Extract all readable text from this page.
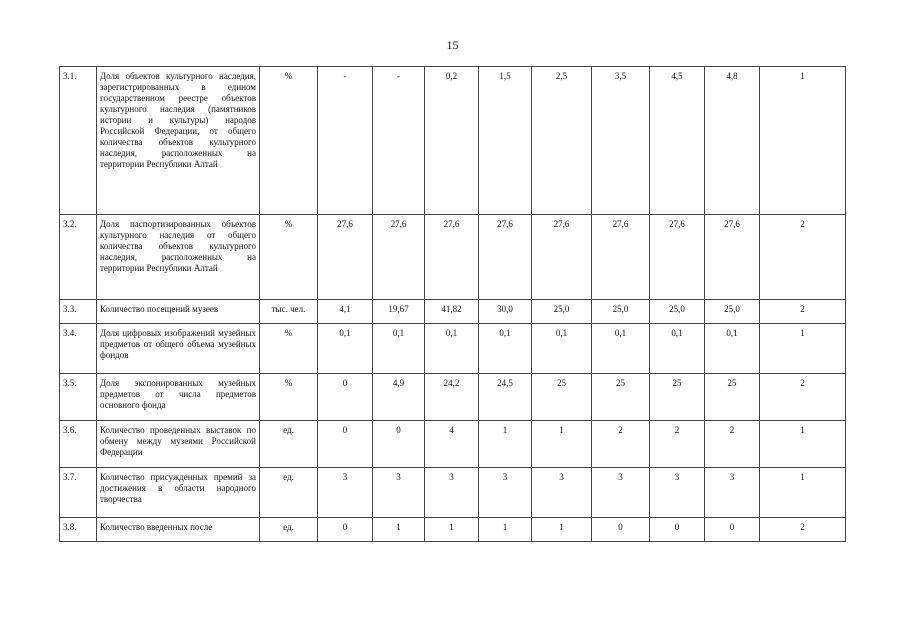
15
3.1.	Доля объектов культурного наследия, зарегистрированных в едином государственном реестре объектов культурного наследия (памятников истории и культуры) народов Российской Федерации, от общего количества объектов культурного наследия, расположенных на территории Республики Алтай	%	-	-	0,2	1,5	2,5	3,5	4,5	4,8	1
3.2.	Доля паспортизированных объектов культурного наследия от общего количества объектов культурного наследия, расположенных на территории Республики Алтай	%	27,6	27,6	27,6	27,6	27,6	27,6	27,6	27,6	2
3.3.	Количество посещений музеев	тыс. чел.	4,1	19,67	41,82	30,0	25,0	25,0	25,0	25,0	2
3.4.	Доля цифровых изображений музейных предметов от общего объема музейных фондов	%	0,1	0,1	0,1	0,1	0,1	0,1	0,1	0,1	1
3.5.	Доля экспонированных музейных предметов от числа предметов основного фонда	%	0	4,9	24,2	24,5	25	25	25	25	2
3.6.	Количество проведенных выставок по обмену между музеями Российской Федерации	ед.	0	0	4	1	1	2	2	2	1
3.7.	Количество присужденных премий за достижения в области народного творчества	ед.	3	3	3	3	3	3	3	3	1
3.8.	Количество введенных после	ед.	0	1	1	1	1	0	0	0	2
